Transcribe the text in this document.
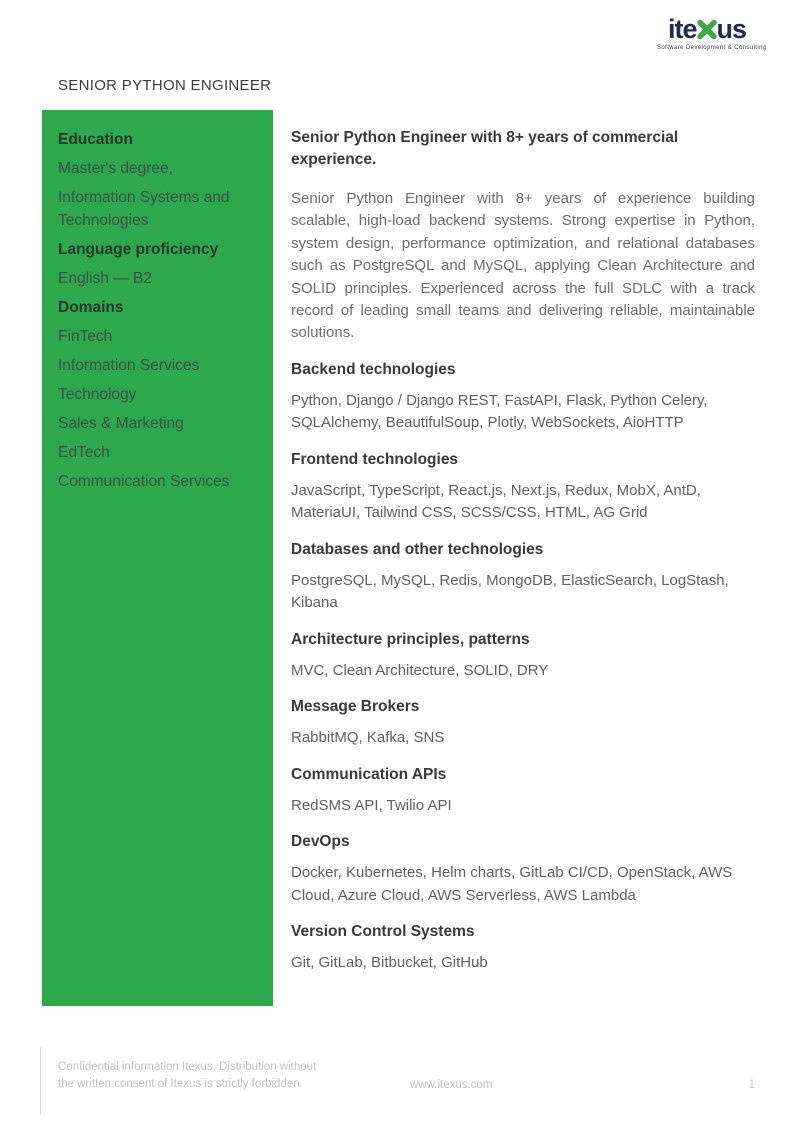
ite us
Software Development & Consulting
SENIOR PYTHON ENGINEER
Education
Master's degree,
Information Systems and Technologies
Language proficiency
English — B2
Domains
FinTech
Information Services
Technology
Sales & Marketing
EdTech
Communication Services
Senior Python Engineer with 8+ years of commercial experience.

Senior Python Engineer with 8+ years of experience building scalable, high-load backend systems. Strong expertise in Python, system design, performance optimization, and relational databases such as PostgreSQL and MySQL, applying Clean Architecture and SOLID principles. Experienced across the full SDLC with a track record of leading small teams and delivering reliable, maintainable solutions.

Backend technologies

Python, Django / Django REST, FastAPI, Flask, Python Celery, SQLAlchemy, BeautifulSoup, Plotly, WebSockets, AioHTTP

Frontend technologies

JavaScript, TypeScript, React.js, Next.js, Redux, MobX, AntD, MateriaUI, Tailwind CSS, SCSS/CSS, HTML, AG Grid

Databases and other technologies

PostgreSQL, MySQL, Redis, MongoDB, ElasticSearch, LogStash, Kibana

Architecture principles, patterns

MVC, Clean Architecture, SOLID, DRY

Message Brokers

RabbitMQ, Kafka, SNS

Communication APIs

RedSMS API, Twilio API

DevOps

Docker, Kubernetes, Helm charts, GitLab CI/CD, OpenStack, AWS Cloud, Azure Cloud, AWS Serverless, AWS Lambda

Version Control Systems

Git, GitLab, Bitbucket, GitHub

Confidential information Itexus. Distribution without
the written consent of Itexus is strictly forbidden.	www.itexus.com	1
